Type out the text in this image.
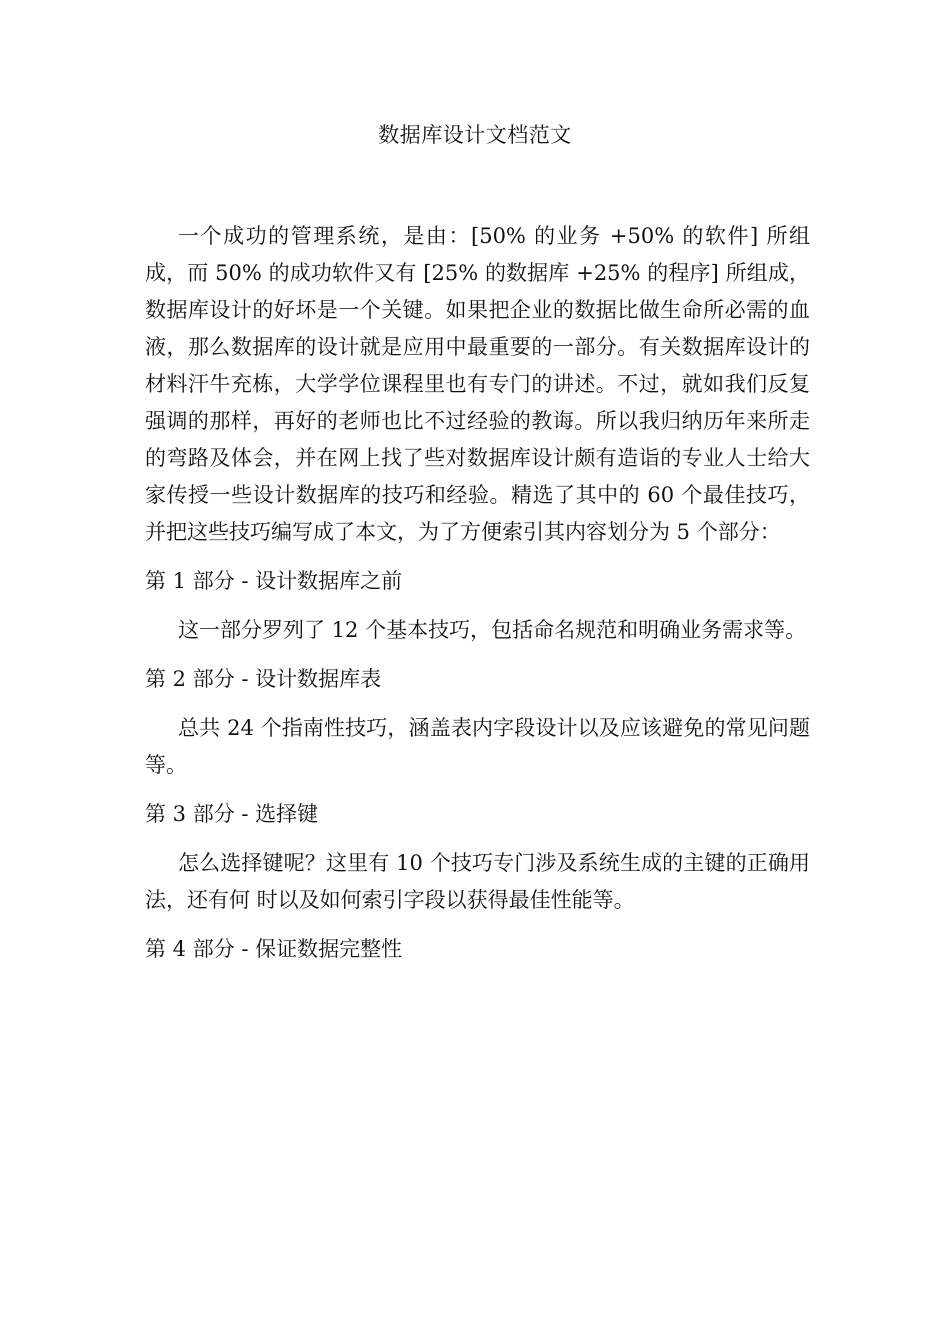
数据库设计文档范文

一个成功的管理系统，是由：[50% 的业务 +50% 的软件] 所组成，而 50% 的成功软件又有 [25% 的数据库 +25% 的程序] 所组成，数据库设计的好坏是一个关键。如果把企业的数据比做生命所必需的血液，那么数据库的设计就是应用中最重要的一部分。有关数据库设计的材料汗牛充栋，大学学位课程里也有专门的讲述。不过，就如我们反复强调的那样，再好的老师也比不过经验的教诲。所以我归纳历年来所走的弯路及体会，并在网上找了些对数据库设计颇有造诣的专业人士给大家传授一些设计数据库的技巧和经验。精选了其中的 60 个最佳技巧，并把这些技巧编写成了本文，为了方便索引其内容划分为 5 个部分：

第 1 部分 - 设计数据库之前

这一部分罗列了 12 个基本技巧，包括命名规范和明确业务需求等。

第 2 部分 - 设计数据库表

总共 24 个指南性技巧，涵盖表内字段设计以及应该避免的常见问题等。

第 3 部分 - 选择键

怎么选择键呢？这里有 10 个技巧专门涉及系统生成的主键的正确用法，还有何 时以及如何索引字段以获得最佳性能等。

第 4 部分 - 保证数据完整性
